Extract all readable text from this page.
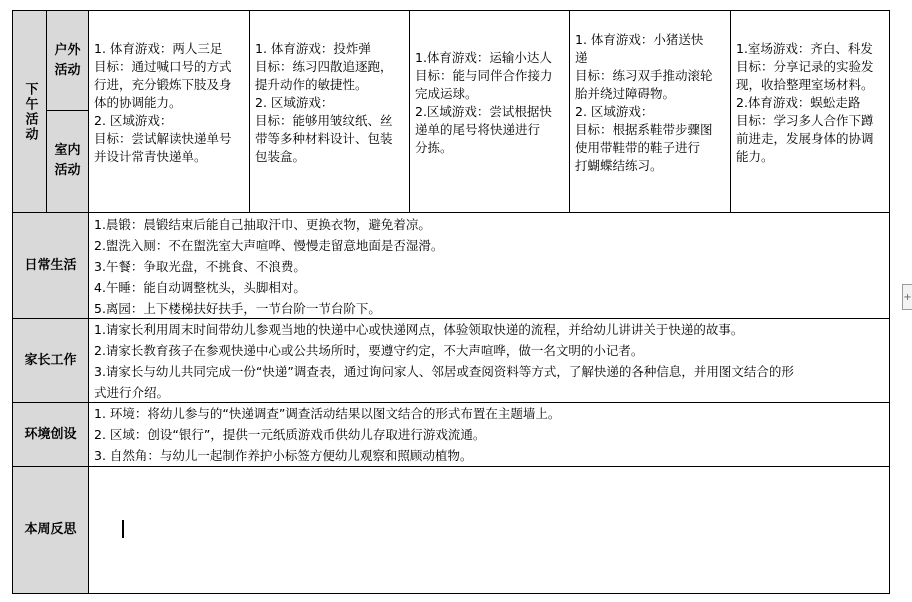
下午活动
户外活动
室内活动
日常生活
家长工作
环境创设
本周反思

1. 体育游戏：两人三足

目标：通过喊口号的方式

行进，充分锻炼下肢及身

体的协调能力。

2. 区域游戏：

目标：尝试解读快递单号

并设计常青快递单。

1. 体育游戏：投炸弹

目标：练习四散追逐跑，

提升动作的敏捷性。

2. 区域游戏：

目标：能够用皱纹纸、丝

带等多种材料设计、包装

包装盒。

1.体育游戏：运输小达人

目标：能与同伴合作接力

完成运球。

2.区域游戏：尝试根据快

递单的尾号将快递进行

分拣。

1. 体育游戏：小猪送快

递

目标：练习双手推动滚轮

胎并绕过障碍物。

2. 区域游戏：

目标：根据系鞋带步骤图

使用带鞋带的鞋子进行

打蝴蝶结练习。

1.室场游戏：齐白、科发

目标：分享记录的实验发

现，收拾整理室场材料。

2.体育游戏：蜈蚣走路

目标：学习多人合作下蹲

前进走，发展身体的协调

能力。

1.晨锻：晨锻结束后能自己抽取汗巾、更换衣物，避免着凉。

2.盥洗入厕：不在盥洗室大声喧哗、慢慢走留意地面是否湿滑。

3.午餐：争取光盘，不挑食、不浪费。

4.午睡：能自动调整枕头，头脚相对。

5.离园：上下楼梯扶好扶手，一节台阶一节台阶下。

1.请家长利用周末时间带幼儿参观当地的快递中心或快递网点，体验领取快递的流程，并给幼儿讲讲关于快递的故事。

2.请家长教育孩子在参观快递中心或公共场所时，要遵守约定，不大声喧哗，做一名文明的小记者。

3.请家长与幼儿共同完成一份“快递”调查表，通过询问家人、邻居或查阅资料等方式，了解快递的各种信息，并用图文结合的形

式进行介绍。

1. 环境：将幼儿参与的“快递调查”调查活动结果以图文结合的形式布置在主题墙上。

2. 区域：创设“银行”，提供一元纸质游戏币供幼儿存取进行游戏流通。

3. 自然角：与幼儿一起制作养护小标签方便幼儿观察和照顾动植物。

+
